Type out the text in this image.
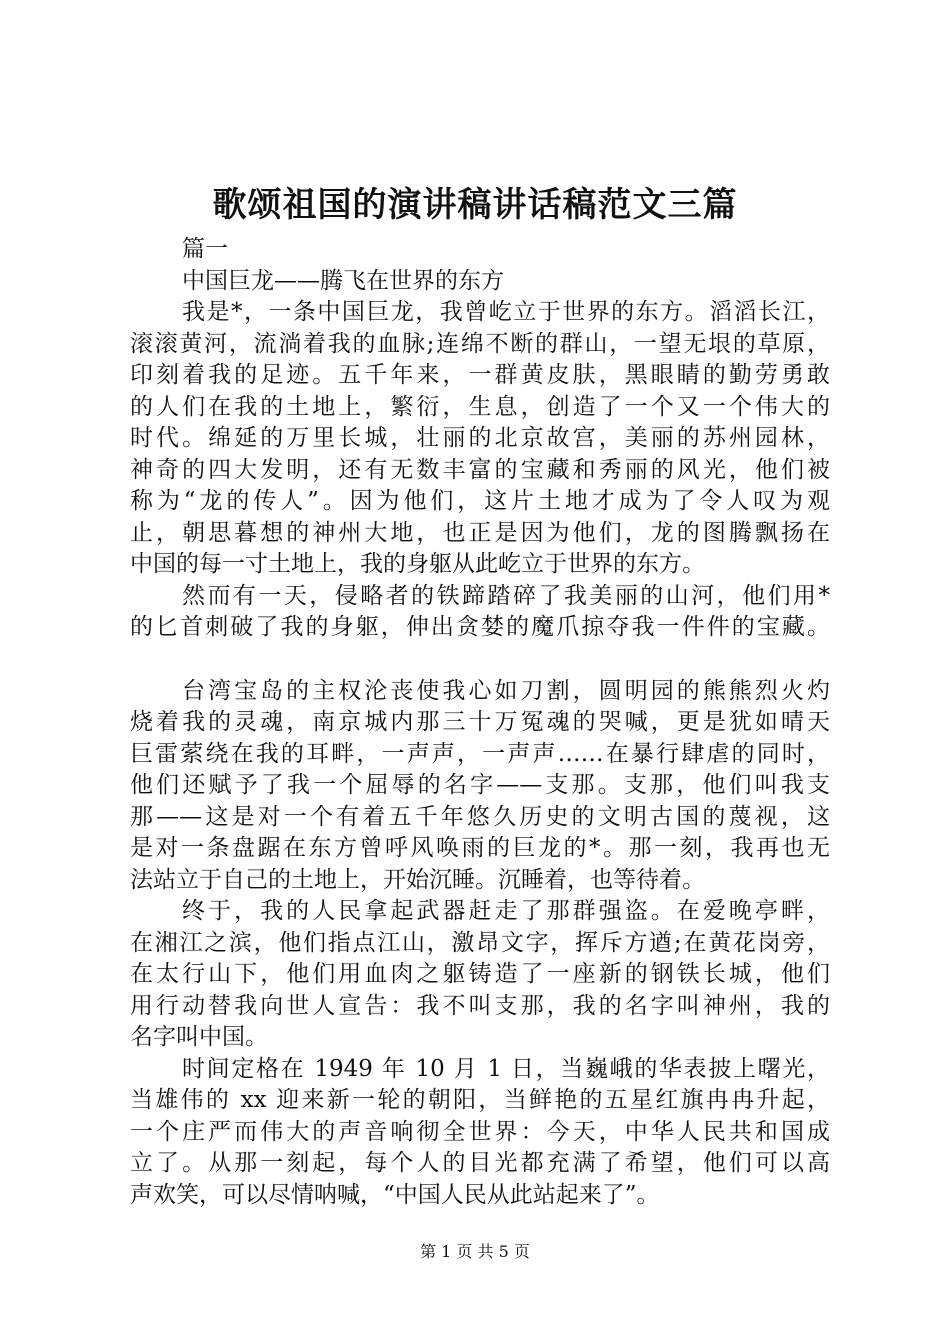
歌颂祖国的演讲稿讲话稿范文三篇
篇一
中国巨龙——腾飞在世界的东方
我是*，一条中国巨龙，我曾屹立于世界的东方。滔滔长江，
滚滚黄河，流淌着我的血脉;连绵不断的群山，一望无垠的草原，
印刻着我的足迹。五千年来，一群黄皮肤，黑眼睛的勤劳勇敢
的人们在我的土地上，繁衍，生息，创造了一个又一个伟大的
时代。绵延的万里长城，壮丽的北京故宫，美丽的苏州园林，
神奇的四大发明，还有无数丰富的宝藏和秀丽的风光，他们被
称为“龙的传人”。因为他们，这片土地才成为了令人叹为观
止，朝思暮想的神州大地，也正是因为他们，龙的图腾飘扬在
中国的每一寸土地上，我的身躯从此屹立于世界的东方。
然而有一天，侵略者的铁蹄踏碎了我美丽的山河，他们用*
的匕首刺破了我的身躯，伸出贪婪的魔爪掠夺我一件件的宝藏。
台湾宝岛的主权沦丧使我心如刀割，圆明园的熊熊烈火灼
烧着我的灵魂，南京城内那三十万冤魂的哭喊，更是犹如晴天
巨雷萦绕在我的耳畔，一声声，一声声……在暴行肆虐的同时，
他们还赋予了我一个屈辱的名字——支那。支那，他们叫我支
那——这是对一个有着五千年悠久历史的文明古国的蔑视，这
是对一条盘踞在东方曾呼风唤雨的巨龙的*。那一刻，我再也无
法站立于自己的土地上，开始沉睡。沉睡着，也等待着。
终于，我的人民拿起武器赶走了那群强盗。在爱晚亭畔，
在湘江之滨，他们指点江山，激昂文字，挥斥方遒;在黄花岗旁，
在太行山下，他们用血肉之躯铸造了一座新的钢铁长城，他们
用行动替我向世人宣告：我不叫支那，我的名字叫神州，我的
名字叫中国。
时间定格在 1949 年 10 月 1 日，当巍峨的华表披上曙光，
当雄伟的 xx 迎来新一轮的朝阳，当鲜艳的五星红旗冉冉升起，
一个庄严而伟大的声音响彻全世界：今天，中华人民共和国成
立了。从那一刻起，每个人的目光都充满了希望，他们可以高
声欢笑，可以尽情呐喊，“中国人民从此站起来了”。
第 1 页 共 5 页
